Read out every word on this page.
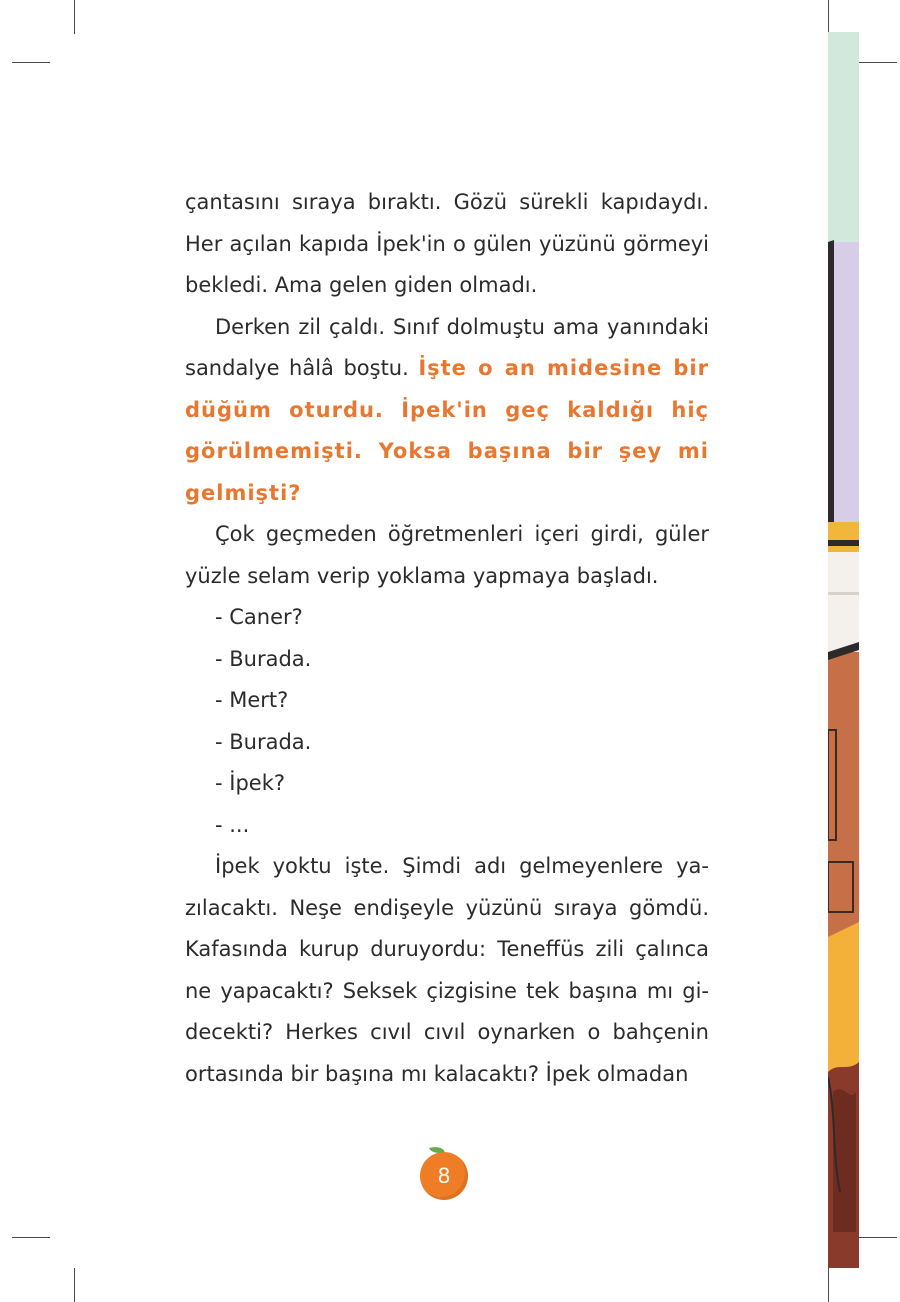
çantasını sıraya bıraktı. Gözü sürekli kapıdaydı. Her açılan kapıda İpek'in o gülen yüzünü görmeyi bekledi. Ama gelen giden olmadı.

Derken zil çaldı. Sınıf dolmuştu ama yanındaki sandalye hâlâ boştu. İşte o an midesine bir düğüm oturdu. İpek'in geç kaldığı hiç görülmemişti. Yoksa başına bir şey mi gelmişti?

Çok geçmeden öğretmenleri içeri girdi, güler yüzle selam verip yoklama yapmaya başladı.

- Caner?

- Burada.

- Mert?

- Burada.

- İpek?

- ...

İpek yoktu işte. Şimdi adı gelmeyenlere yazılacaktı. Neşe endişeyle yüzünü sıraya gömdü. Kafasında kurup duruyordu: Teneffüs zili çalınca ne yapacaktı? Seksek çizgisine tek başına mı gidecekti? Herkes cıvıl cıvıl oynarken o bahçenin ortasında bir başına mı kalacaktı? İpek olmadan

8
